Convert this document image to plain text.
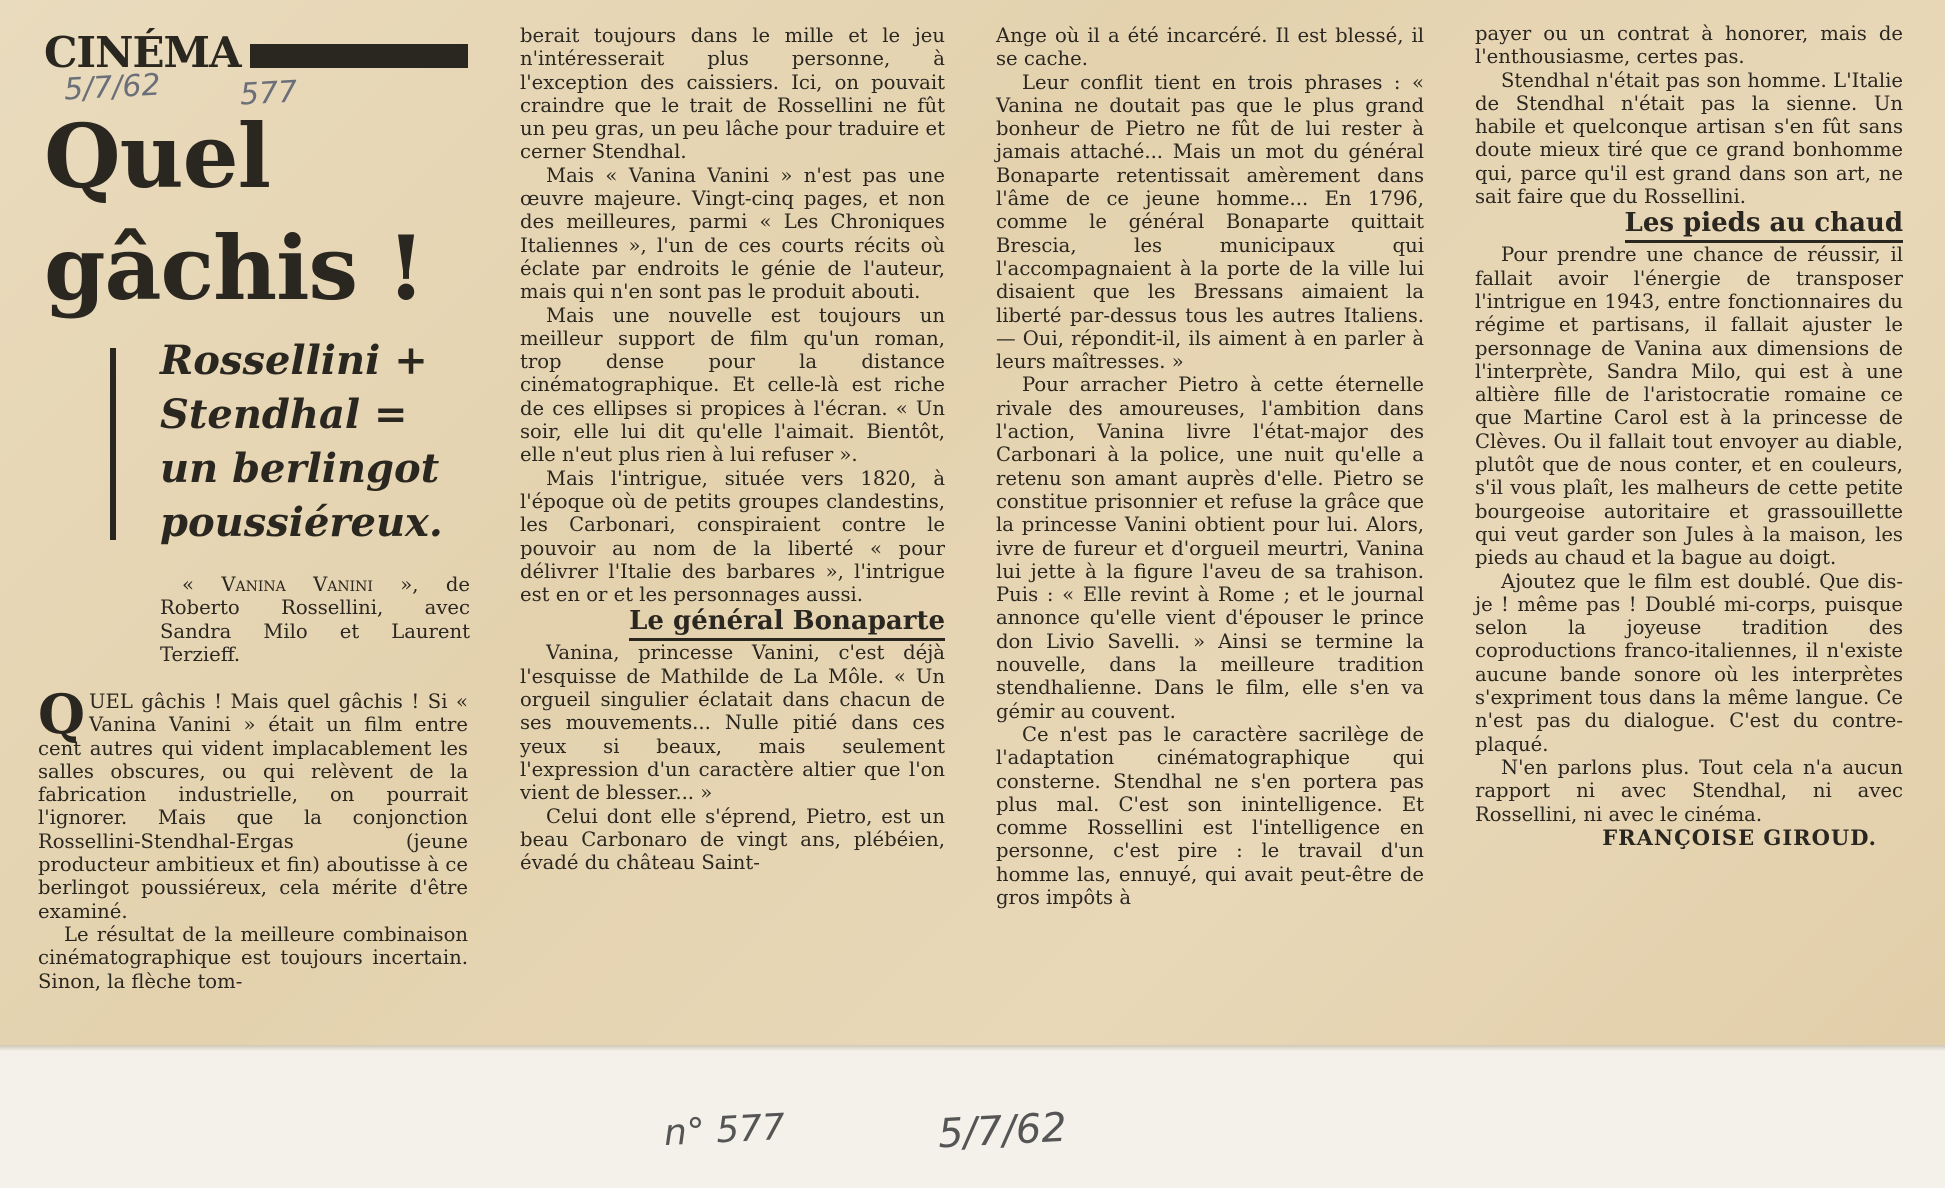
CINÉMA
5/7/62	577
Quel gâchis !
Rossellini + Stendhal = un berlingot poussiéreux.
« Vanina Vanini », de Roberto Rossellini, avec Sandra Milo et Laurent Terzieff.

QUEL gâchis ! Mais quel gâchis ! Si « Vanina Vanini » était un film entre cent autres qui vident implacablement les salles obscures, ou qui relèvent de la fabrication industrielle, on pourrait l'ignorer. Mais que la conjonction Rossellini-Stendhal-Ergas (jeune producteur ambitieux et fin) aboutisse à ce berlingot poussiéreux, cela mérite d'être examiné.

Le résultat de la meilleure combinaison cinématographique est toujours incertain. Sinon, la flèche tom-

berait toujours dans le mille et le jeu n'intéresserait plus personne, à l'exception des caissiers. Ici, on pouvait craindre que le trait de Rossellini ne fût un peu gras, un peu lâche pour traduire et cerner Stendhal.

Mais « Vanina Vanini » n'est pas une œuvre majeure. Vingt-cinq pages, et non des meilleures, parmi « Les Chroniques Italiennes », l'un de ces courts récits où éclate par endroits le génie de l'auteur, mais qui n'en sont pas le produit abouti.

Mais une nouvelle est toujours un meilleur support de film qu'un roman, trop dense pour la distance cinématographique. Et celle-là est riche de ces ellipses si propices à l'écran. « Un soir, elle lui dit qu'elle l'aimait. Bientôt, elle n'eut plus rien à lui refuser ».

Mais l'intrigue, située vers 1820, à l'époque où de petits groupes clandestins, les Carbonari, conspiraient contre le pouvoir au nom de la liberté « pour délivrer l'Italie des barbares », l'intrigue est en or et les personnages aussi.

Le général Bonaparte

Vanina, princesse Vanini, c'est déjà l'esquisse de Mathilde de La Môle. « Un orgueil singulier éclatait dans chacun de ses mouvements... Nulle pitié dans ces yeux si beaux, mais seulement l'expression d'un caractère altier que l'on vient de blesser... »

Celui dont elle s'éprend, Pietro, est un beau Carbonaro de vingt ans, plébéien, évadé du château Saint-

Ange où il a été incarcéré. Il est blessé, il se cache.

Leur conflit tient en trois phrases : « Vanina ne doutait pas que le plus grand bonheur de Pietro ne fût de lui rester à jamais attaché... Mais un mot du général Bonaparte retentissait amèrement dans l'âme de ce jeune homme... En 1796, comme le général Bonaparte quittait Brescia, les municipaux qui l'accompagnaient à la porte de la ville lui disaient que les Bressans aimaient la liberté par-dessus tous les autres Italiens. — Oui, répondit-il, ils aiment à en parler à leurs maîtresses. »

Pour arracher Pietro à cette éternelle rivale des amoureuses, l'ambition dans l'action, Vanina livre l'état-major des Carbonari à la police, une nuit qu'elle a retenu son amant auprès d'elle. Pietro se constitue prisonnier et refuse la grâce que la princesse Vanini obtient pour lui. Alors, ivre de fureur et d'orgueil meurtri, Vanina lui jette à la figure l'aveu de sa trahison. Puis : « Elle revint à Rome ; et le journal annonce qu'elle vient d'épouser le prince don Livio Savelli. » Ainsi se termine la nouvelle, dans la meilleure tradition stendhalienne. Dans le film, elle s'en va gémir au couvent.

Ce n'est pas le caractère sacrilège de l'adaptation cinématographique qui consterne. Stendhal ne s'en portera pas plus mal. C'est son inintelligence. Et comme Rossellini est l'intelligence en personne, c'est pire : le travail d'un homme las, ennuyé, qui avait peut-être de gros impôts à

payer ou un contrat à honorer, mais de l'enthousiasme, certes pas.

Stendhal n'était pas son homme. L'Italie de Stendhal n'était pas la sienne. Un habile et quelconque artisan s'en fût sans doute mieux tiré que ce grand bonhomme qui, parce qu'il est grand dans son art, ne sait faire que du Rossellini.

Les pieds au chaud

Pour prendre une chance de réussir, il fallait avoir l'énergie de transposer l'intrigue en 1943, entre fonctionnaires du régime et partisans, il fallait ajuster le personnage de Vanina aux dimensions de l'interprète, Sandra Milo, qui est à une altière fille de l'aristocratie romaine ce que Martine Carol est à la princesse de Clèves. Ou il fallait tout envoyer au diable, plutôt que de nous conter, et en couleurs, s'il vous plaît, les malheurs de cette petite bourgeoise autoritaire et grassouillette qui veut garder son Jules à la maison, les pieds au chaud et la bague au doigt.

Ajoutez que le film est doublé. Que dis-je ! même pas ! Doublé mi-corps, puisque selon la joyeuse tradition des coproductions franco-italiennes, il n'existe aucune bande sonore où les interprètes s'expriment tous dans la même langue. Ce n'est pas du dialogue. C'est du contre-plaqué.

N'en parlons plus. Tout cela n'a aucun rapport ni avec Stendhal, ni avec Rossellini, ni avec le cinéma.

FRANÇOISE GIROUD.

n° 577	5/7/62
